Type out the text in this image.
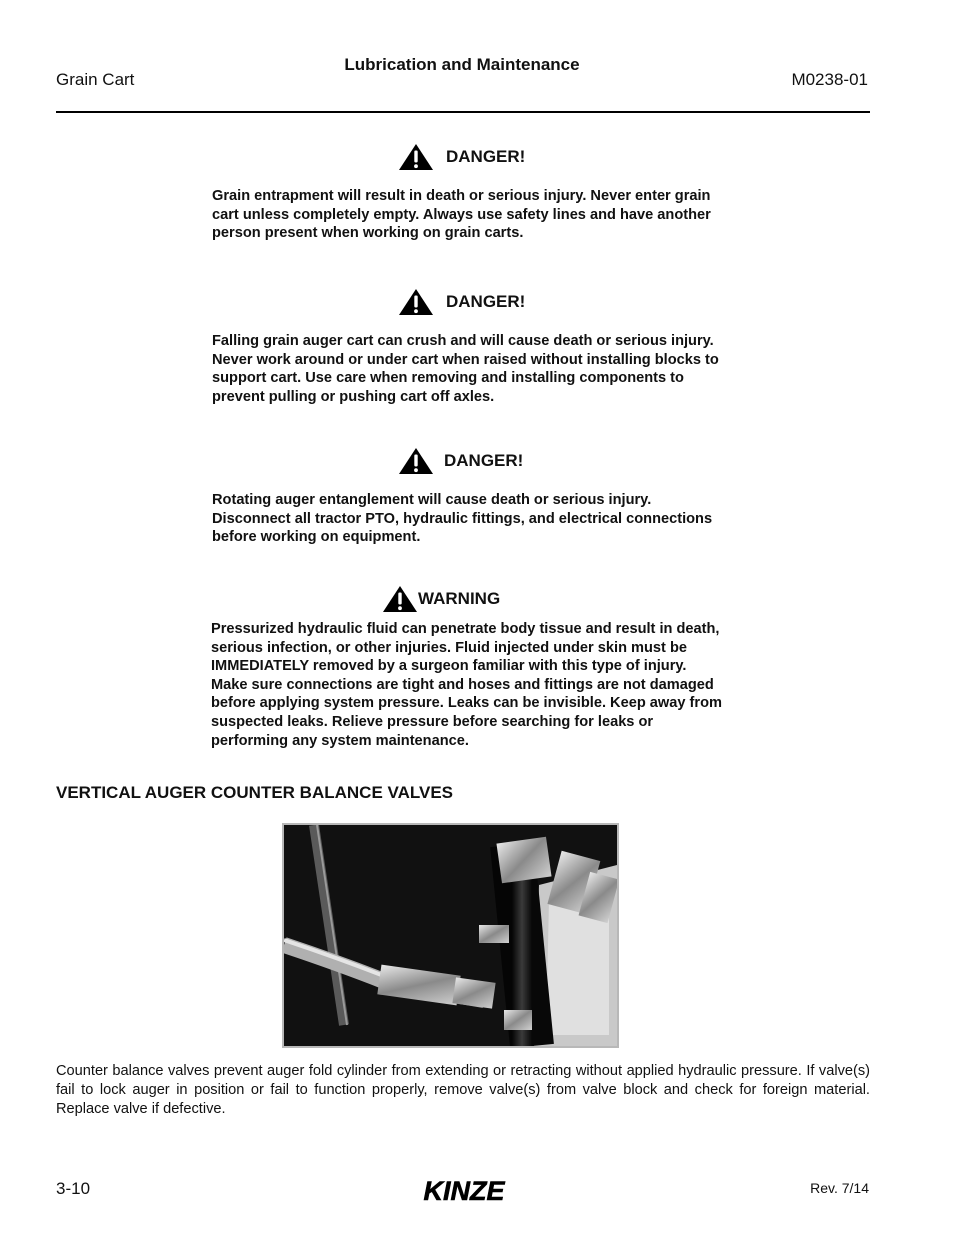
Grain Cart
Lubrication and Maintenance
M0238-01
DANGER!
Grain entrapment will result in death or serious injury. Never enter grain cart unless completely empty. Always use safety lines and have another person present when working on grain carts.
DANGER!
Falling grain auger cart can crush and will cause death or serious injury. Never work around or under cart when raised without installing blocks to support cart. Use care when removing and installing components to prevent pulling or pushing cart off axles.
DANGER!
Rotating auger entanglement will cause death or serious injury. Disconnect all tractor PTO, hydraulic fittings, and electrical connections before working on equipment.
WARNING
Pressurized hydraulic fluid can penetrate body tissue and result in death, serious infection, or other injuries. Fluid injected under skin must be IMMEDIATELY removed by a surgeon familiar with this type of injury. Make sure connections are tight and hoses and fittings are not damaged before applying system pressure. Leaks can be invisible. Keep away from suspected leaks. Relieve pressure before searching for leaks or performing any system maintenance.
VERTICAL AUGER COUNTER BALANCE VALVES
Counter balance valves prevent auger fold cylinder from extending or retracting without applied hydraulic pressure. If valve(s) fail to lock auger in position or fail to function properly, remove valve(s) from valve block and check for foreign material. Replace valve if defective.
3-10	KINZE	Rev. 7/14
